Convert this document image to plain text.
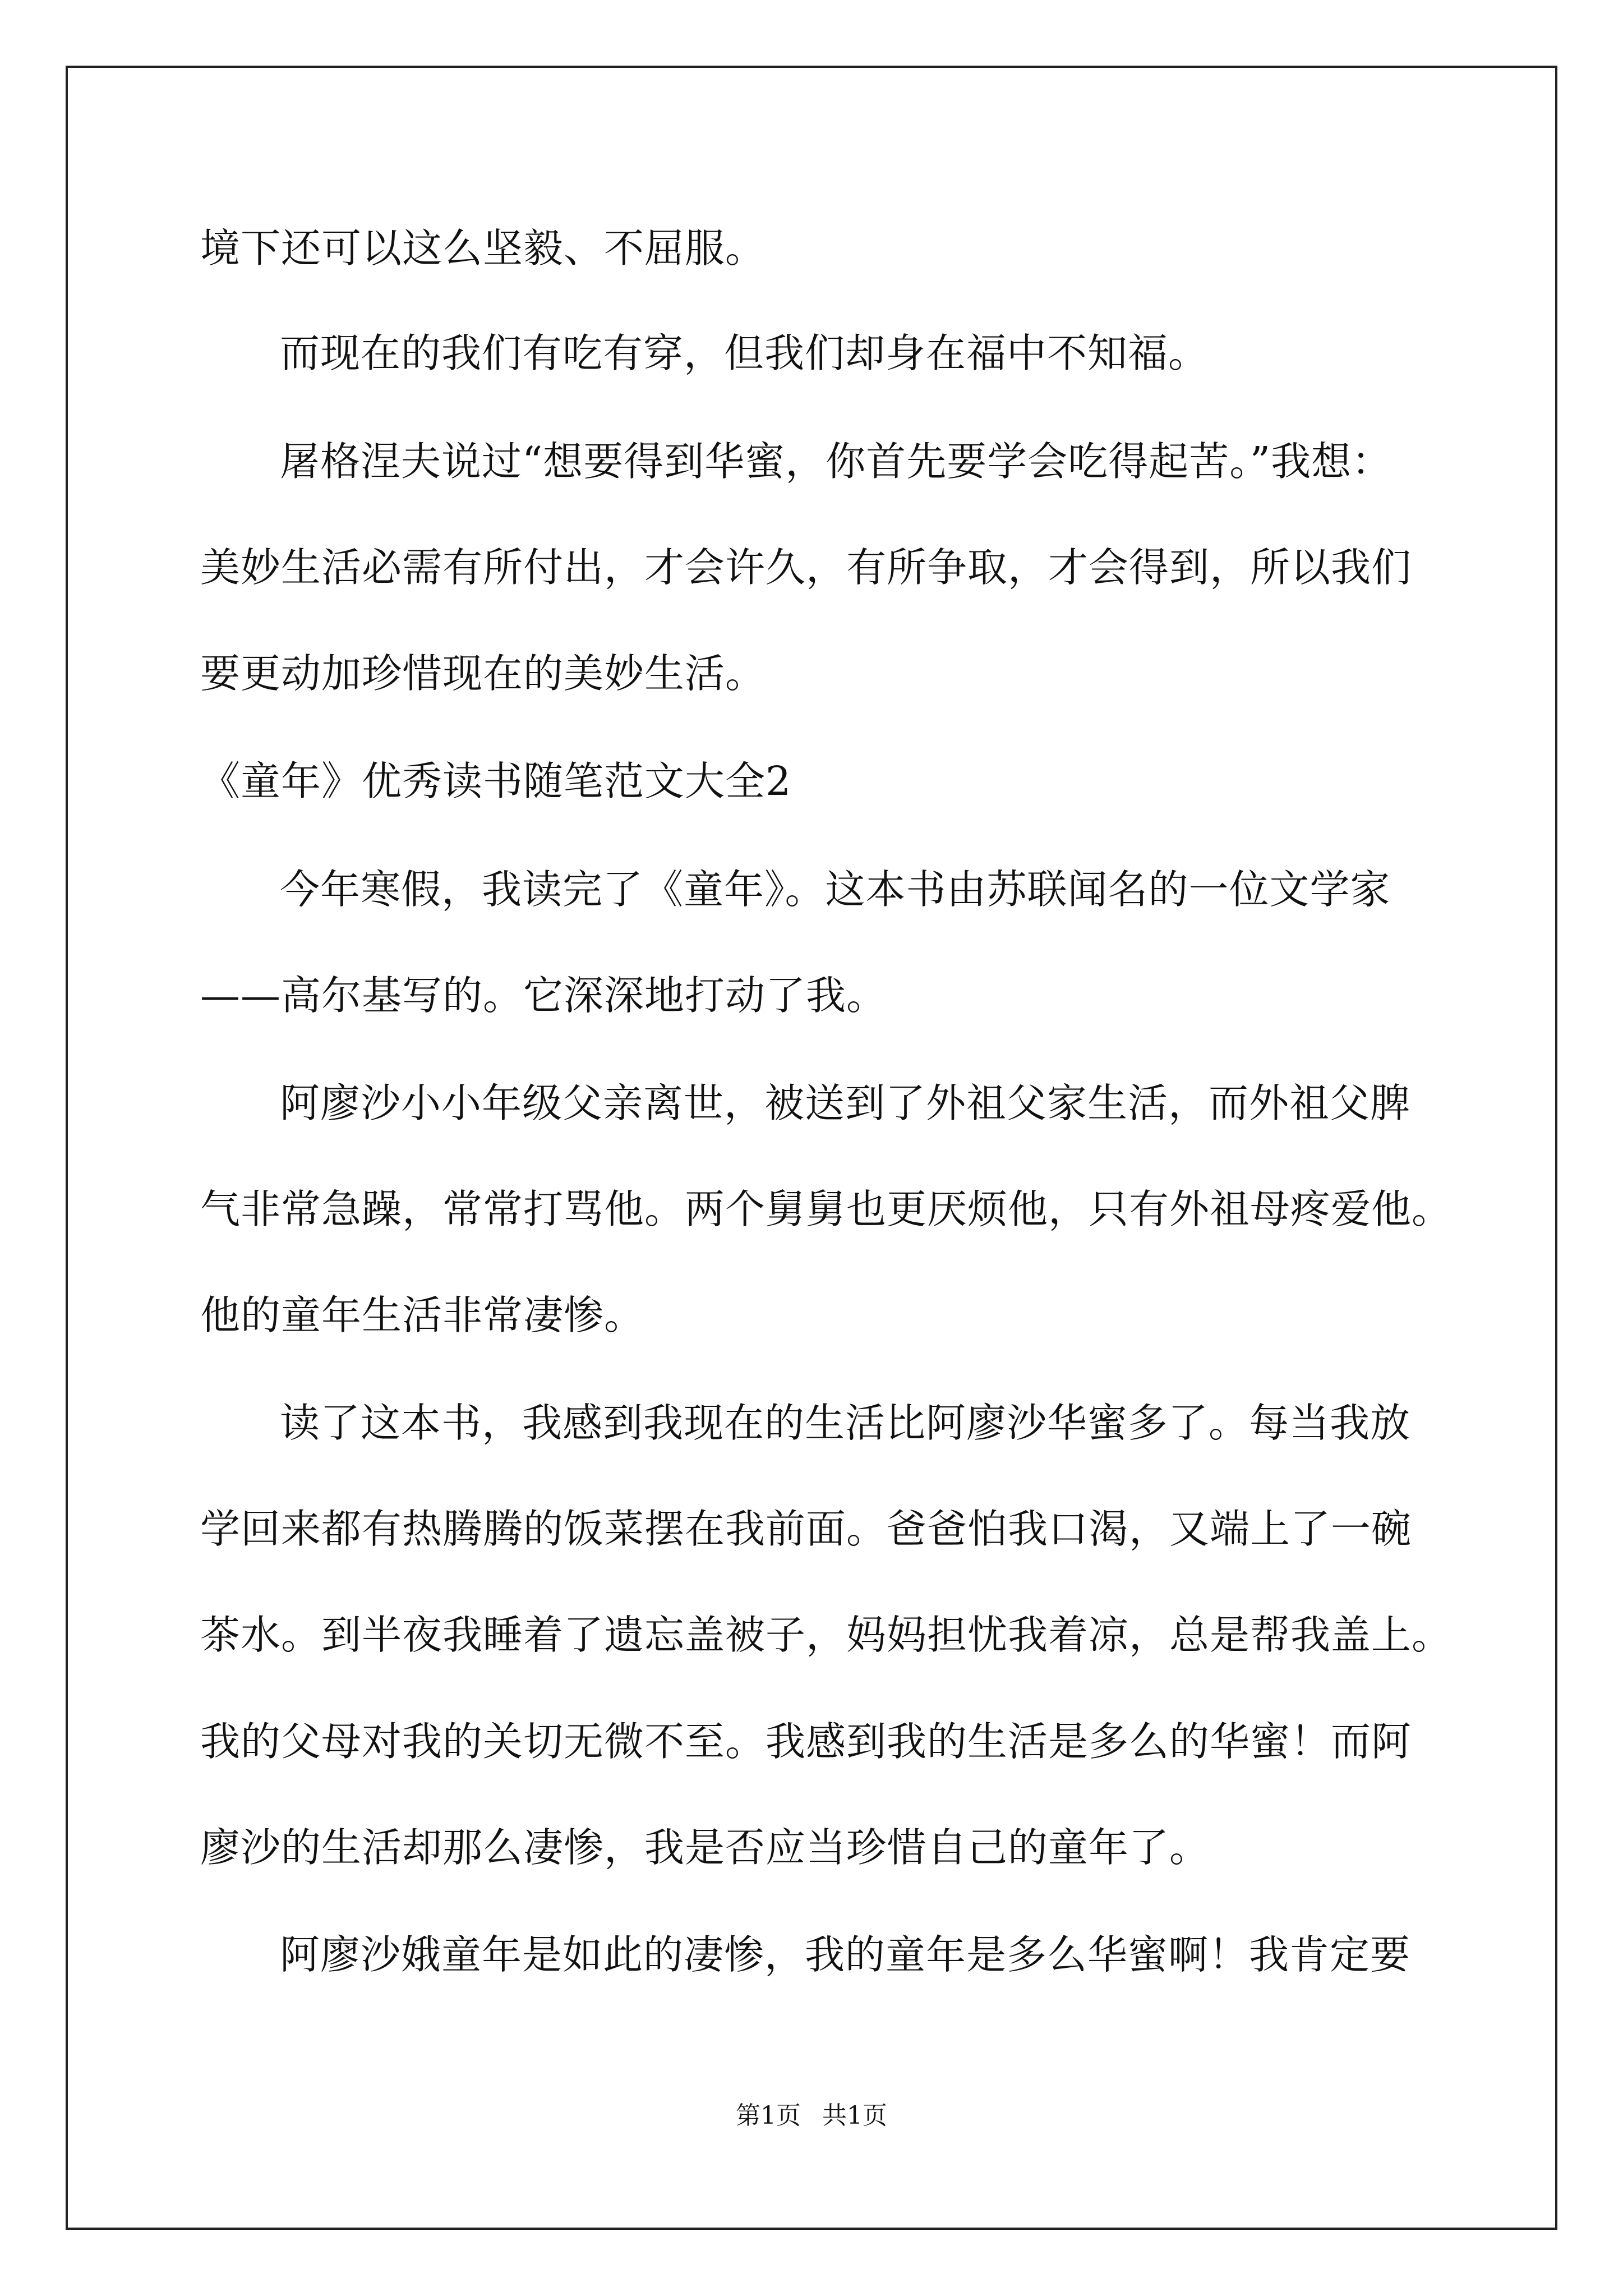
境下还可以这么坚毅、不屈服。
而现在的我们有吃有穿，但我们却身在福中不知福。
屠格涅夫说过“想要得到华蜜，你首先要学会吃得起苦。”我想：
美妙生活必需有所付出，才会许久，有所争取，才会得到，所以我们
要更动加珍惜现在的美妙生活。
《童年》优秀读书随笔范文大全2
今年寒假，我读完了《童年》。这本书由苏联闻名的一位文学家
——高尔基写的。它深深地打动了我。
阿廖沙小小年级父亲离世，被送到了外祖父家生活，而外祖父脾
气非常急躁，常常打骂他。两个舅舅也更厌烦他，只有外祖母疼爱他。
他的童年生活非常凄惨。
读了这本书，我感到我现在的生活比阿廖沙华蜜多了。每当我放
学回来都有热腾腾的饭菜摆在我前面。爸爸怕我口渴，又端上了一碗
茶水。到半夜我睡着了遗忘盖被子，妈妈担忧我着凉，总是帮我盖上。
我的父母对我的关切无微不至。我感到我的生活是多么的华蜜！而阿
廖沙的生活却那么凄惨，我是否应当珍惜自己的童年了。
阿廖沙娥童年是如此的凄惨，我的童年是多么华蜜啊！我肯定要
第1页 共1页
